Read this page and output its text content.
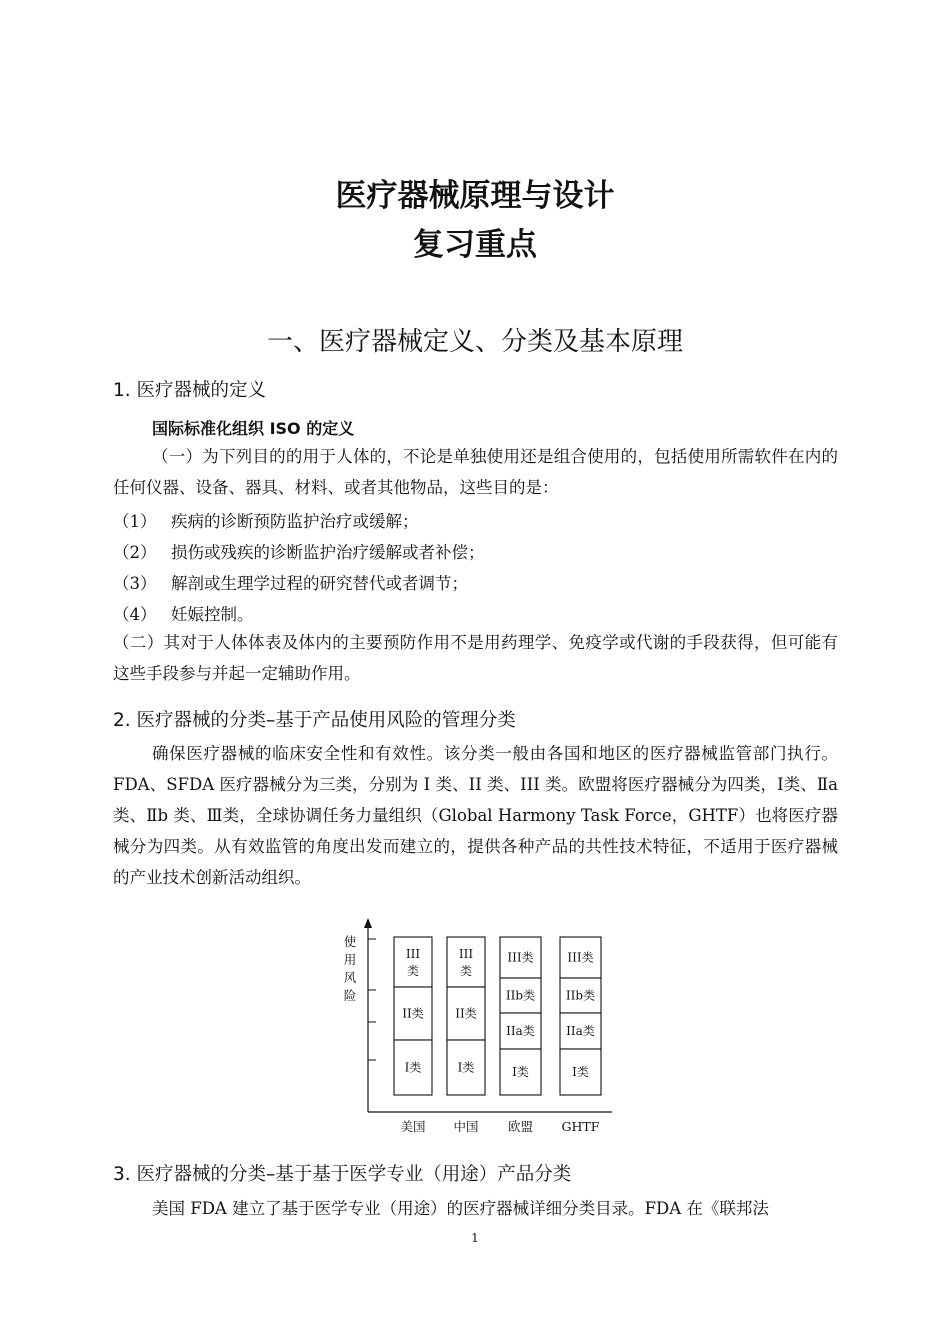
医疗器械原理与设计
复习重点
一、医疗器械定义、分类及基本原理
1. 医疗器械的定义
国际标准化组织 ISO 的定义
（一）为下列目的的用于人体的，不论是单独使用还是组合使用的，包括使用所需软件在内的任何仪器、设备、器具、材料、或者其他物品，这些目的是：
（1） 疾病的诊断预防监护治疗或缓解；
（2） 损伤或残疾的诊断监护治疗缓解或者补偿；
（3） 解剖或生理学过程的研究替代或者调节；
（4） 妊娠控制。
（二）其对于人体体表及体内的主要预防作用不是用药理学、免疫学或代谢的手段获得，但可能有这些手段参与并起一定辅助作用。
2. 医疗器械的分类–基于产品使用风险的管理分类
确保医疗器械的临床安全性和有效性。该分类一般由各国和地区的医疗器械监管部门执行。FDA、SFDA 医疗器械分为三类，分别为 I 类、II 类、III 类。欧盟将医疗器械分为四类，Ⅰ类、Ⅱa 类、Ⅱb 类、Ⅲ类，全球协调任务力量组织（Global Harmony Task Force，GHTF）也将医疗器械分为四类。从有效监管的角度出发而建立的，提供各种产品的共性技术特征，不适用于医疗器械的产业技术创新活动组织。
使
用
风
险
III
类
II类
I类
美国
III
类
II类
I类
中国
III类
IIb类
IIa类
I类
欧盟
III类
IIb类
IIa类
I类
GHTF
3. 医疗器械的分类–基于基于医学专业（用途）产品分类
美国 FDA 建立了基于医学专业（用途）的医疗器械详细分类目录。FDA 在《联邦法
1
